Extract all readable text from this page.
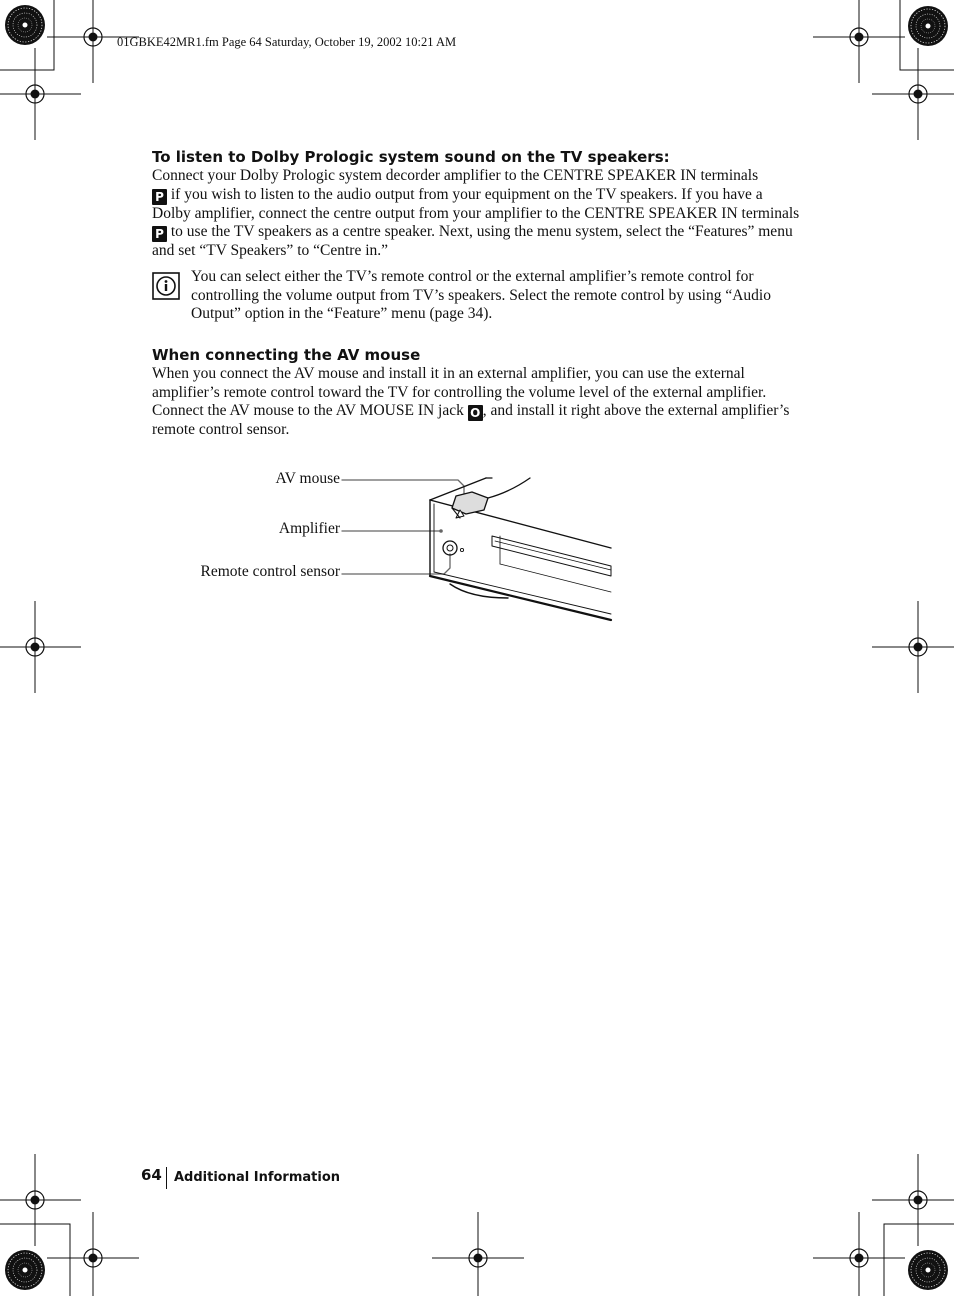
01GBKE42MR1.fm Page 64 Saturday, October 19, 2002 10:21 AM

To listen to Dolby Prologic system sound on the TV speakers:

Connect your Dolby Prologic system decorder amplifier to the CENTRE SPEAKER IN terminals
P if you wish to listen to the audio output from your equipment on the TV speakers. If you have a Dolby amplifier, connect the centre output from your amplifier to the CENTRE SPEAKER IN terminals P to use the TV speakers as a centre speaker. Next, using the menu system, select the “Features” menu and set “TV Speakers” to “Centre in.”

You can select either the TV’s remote control or the external amplifier’s remote control for controlling the volume output from TV’s speakers. Select the remote control by using “Audio Output” option in the “Feature” menu (page 34).

When connecting the AV mouse

When you connect the AV mouse and install it in an external amplifier, you can use the external amplifier’s remote control toward the TV for controlling the volume level of the external amplifier. Connect the AV mouse to the AV MOUSE IN jack O , and install it right above the external amplifier’s remote control sensor.

AV mouse
Amplifier
Remote control sensor
64 Additional Information
